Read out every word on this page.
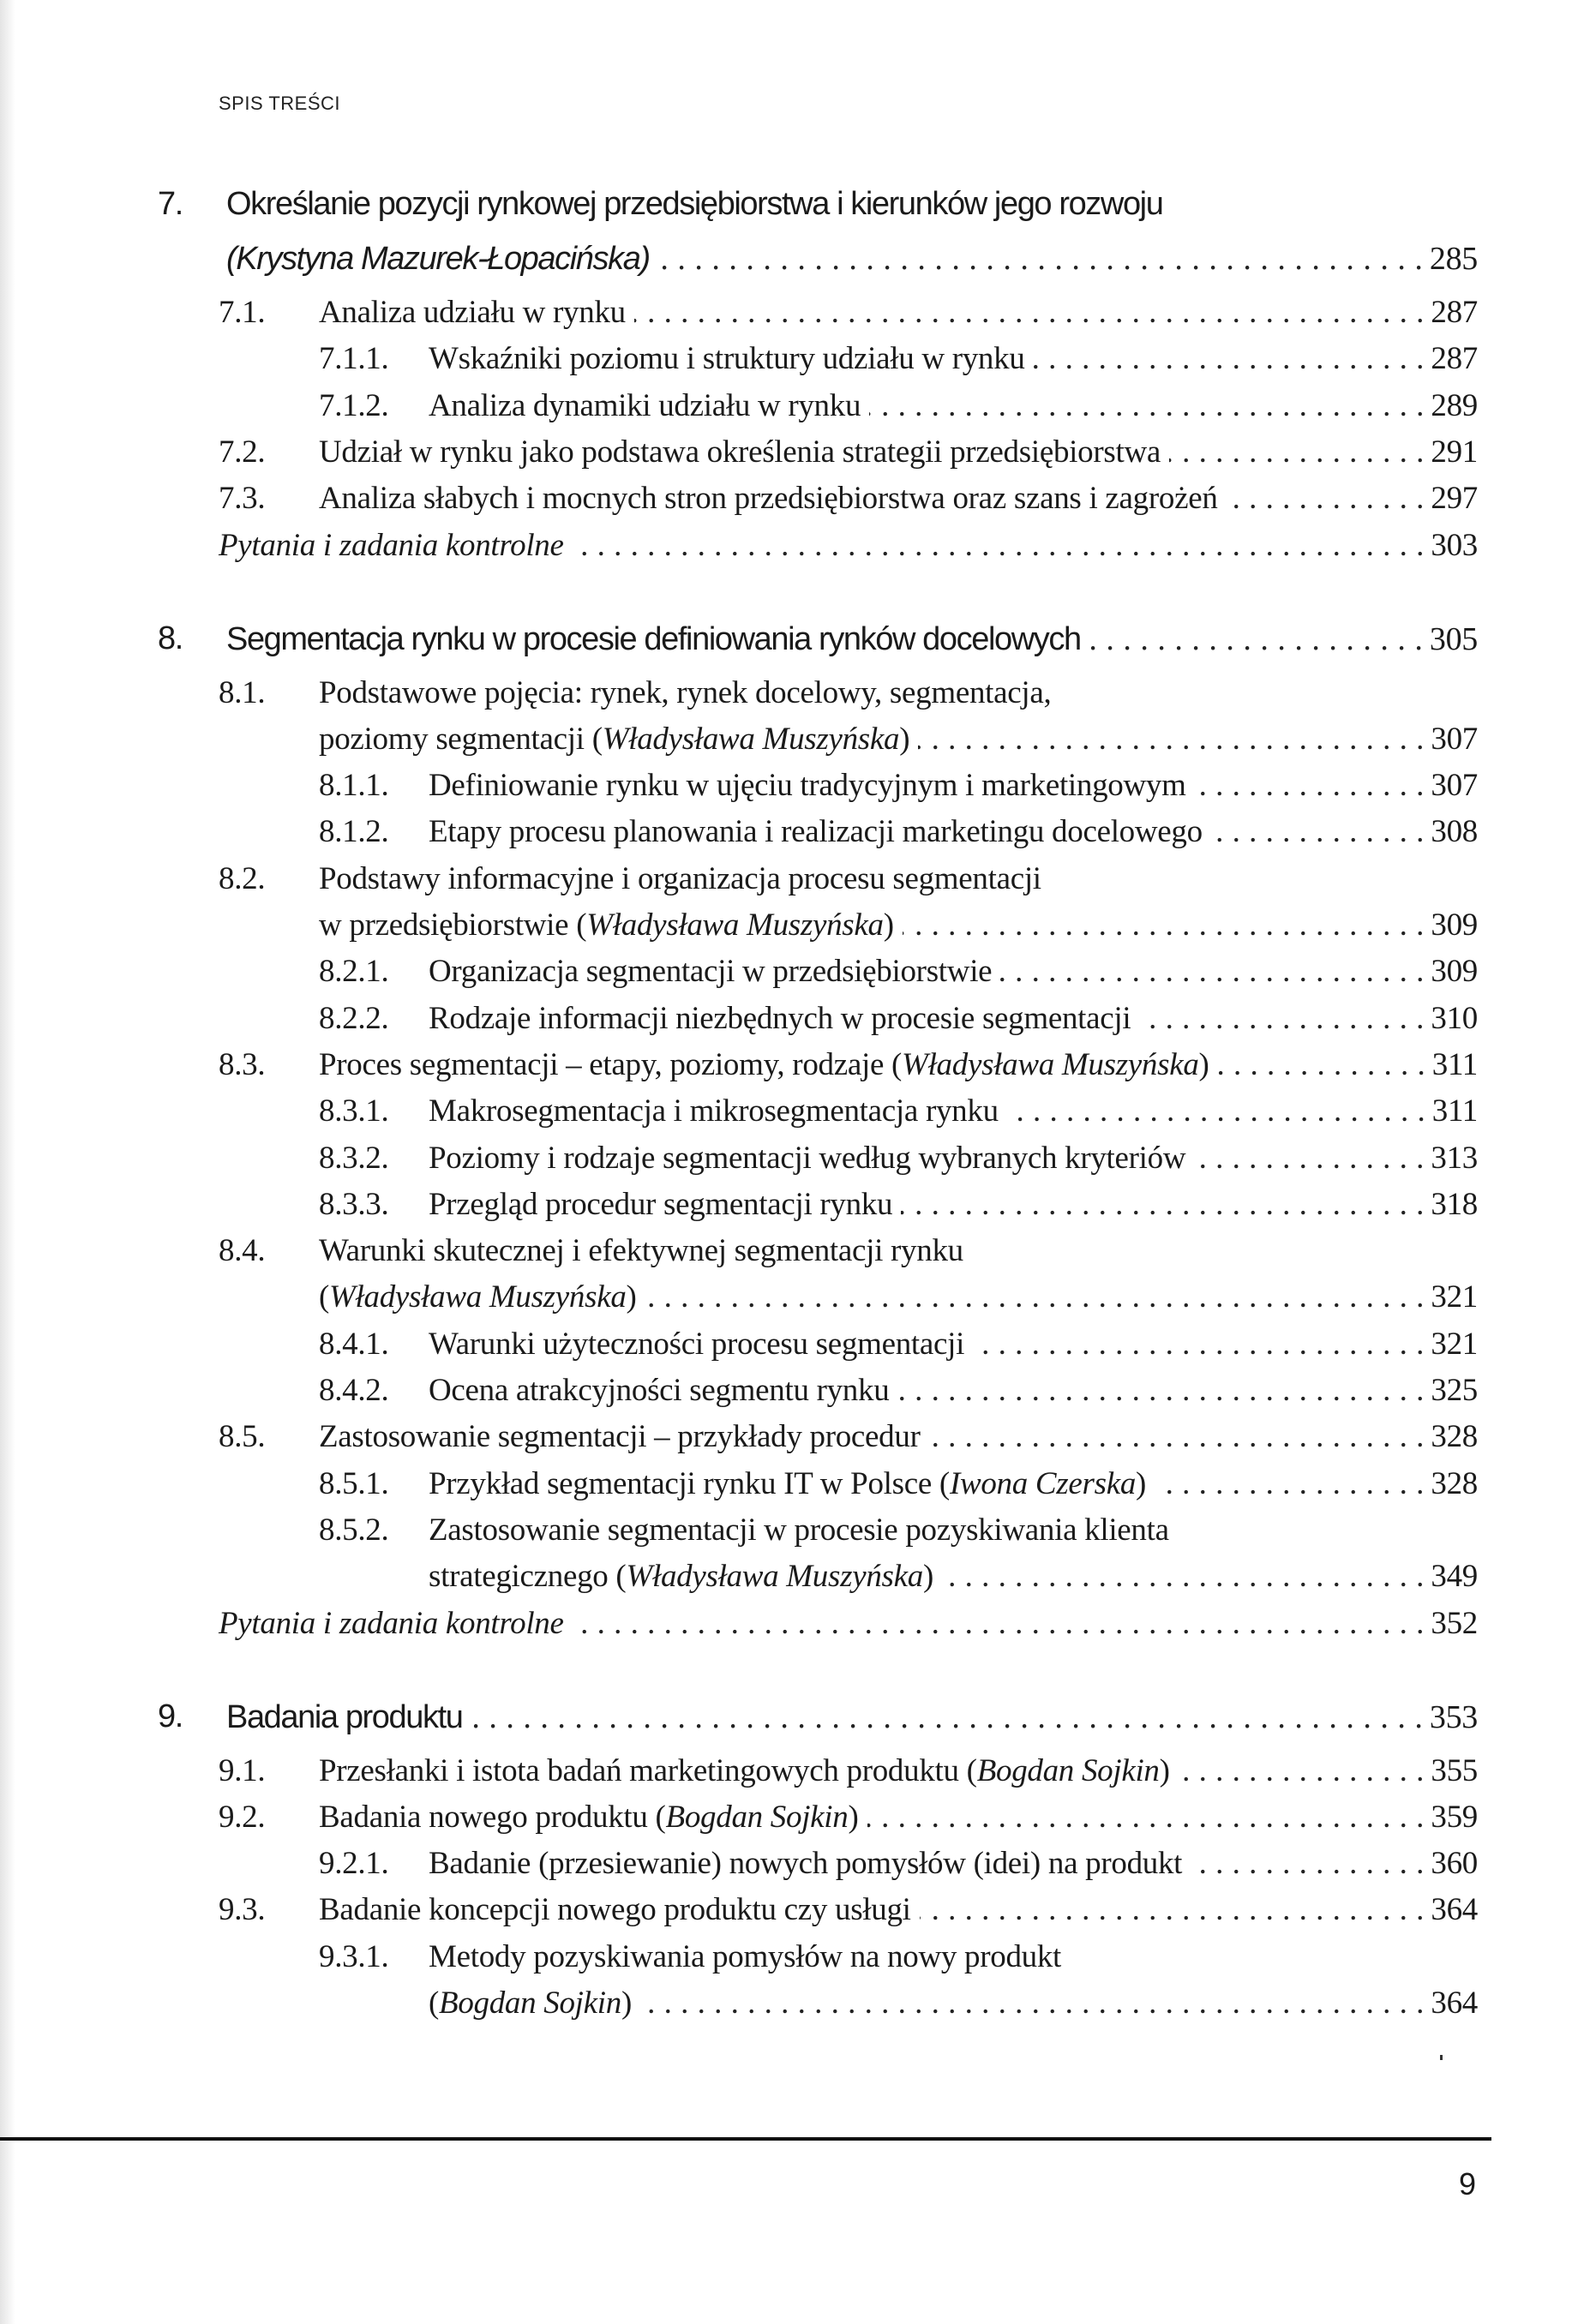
SPIS TREŚCI
7. Określanie pozycji rynkowej przedsiębiorstwa i kierunków jego rozwoju
(Krystyna Mazurek-Łopacińska) . . .	285
7.1. Analiza udziału w rynku . . .	287
7.1.1. Wskaźniki poziomu i struktury udziału w rynku . . .	287
7.1.2. Analiza dynamiki udziału w rynku . . .	289
7.2. Udział w rynku jako podstawa określenia strategii przedsiębiorstwa . . .	291
7.3. Analiza słabych i mocnych stron przedsiębiorstwa oraz szans i zagrożeń . . .	297
Pytania i zadania kontrolne . . .	303
8. Segmentacja rynku w procesie definiowania rynków docelowych . . .	305
8.1. Podstawowe pojęcia: rynek, rynek docelowy, segmentacja,
poziomy segmentacji (Władysława Muszyńska) . . .	307
8.1.1. Definiowanie rynku w ujęciu tradycyjnym i marketingowym . . .	307
8.1.2. Etapy procesu planowania i realizacji marketingu docelowego . . .	308
8.2. Podstawy informacyjne i organizacja procesu segmentacji
w przedsiębiorstwie (Władysława Muszyńska) . . .	309
8.2.1. Organizacja segmentacji w przedsiębiorstwie . . .	309
8.2.2. Rodzaje informacji niezbędnych w procesie segmentacji . . .	310
8.3. Proces segmentacji – etapy, poziomy, rodzaje (Władysława Muszyńska) . . .	311
8.3.1. Makrosegmentacja i mikrosegmentacja rynku . . .	311
8.3.2. Poziomy i rodzaje segmentacji według wybranych kryteriów . . .	313
8.3.3. Przegląd procedur segmentacji rynku . . .	318
8.4. Warunki skutecznej i efektywnej segmentacji rynku
(Władysława Muszyńska) . . .	321
8.4.1. Warunki użyteczności procesu segmentacji . . .	321
8.4.2. Ocena atrakcyjności segmentu rynku . . .	325
8.5. Zastosowanie segmentacji – przykłady procedur . . .	328
8.5.1. Przykład segmentacji rynku IT w Polsce (Iwona Czerska) . . .	328
8.5.2. Zastosowanie segmentacji w procesie pozyskiwania klienta
strategicznego (Władysława Muszyńska) . . .	349
Pytania i zadania kontrolne . . .	352
9. Badania produktu . . .	353
9.1. Przesłanki i istota badań marketingowych produktu (Bogdan Sojkin) . . .	355
9.2. Badania nowego produktu (Bogdan Sojkin) . . .	359
9.2.1. Badanie (przesiewanie) nowych pomysłów (idei) na produkt . . .	360
9.3. Badanie koncepcji nowego produktu czy usługi . . .	364
9.3.1. Metody pozyskiwania pomysłów na nowy produkt
(Bogdan Sojkin) . . .	364
9
